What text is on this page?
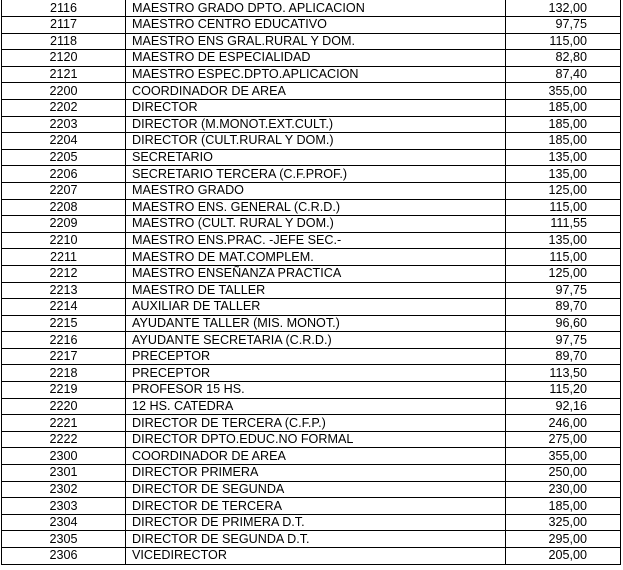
2116	MAESTRO GRADO DPTO. APLICACION	132,00
2117	MAESTRO CENTRO EDUCATIVO	97,75
2118	MAESTRO ENS GRAL.RURAL Y DOM.	115,00
2120	MAESTRO DE ESPECIALIDAD	82,80
2121	MAESTRO ESPEC.DPTO.APLICACION	87,40
2200	COORDINADOR DE AREA	355,00
2202	DIRECTOR	185,00
2203	DIRECTOR (M.MONOT.EXT.CULT.)	185,00
2204	DIRECTOR (CULT.RURAL Y DOM.)	185,00
2205	SECRETARIO	135,00
2206	SECRETARIO TERCERA (C.F.PROF.)	135,00
2207	MAESTRO GRADO	125,00
2208	MAESTRO ENS. GENERAL (C.R.D.)	115,00
2209	MAESTRO (CULT. RURAL Y DOM.)	111,55
2210	MAESTRO ENS.PRAC. -JEFE SEC.-	135,00
2211	MAESTRO DE MAT.COMPLEM.	115,00
2212	MAESTRO ENSEÑANZA PRACTICA	125,00
2213	MAESTRO DE TALLER	97,75
2214	AUXILIAR DE TALLER	89,70
2215	AYUDANTE TALLER (MIS. MONOT.)	96,60
2216	AYUDANTE SECRETARIA (C.R.D.)	97,75
2217	PRECEPTOR	89,70
2218	PRECEPTOR	113,50
2219	PROFESOR 15 HS.	115,20
2220	12 HS. CATEDRA	92,16
2221	DIRECTOR DE TERCERA (C.F.P.)	246,00
2222	DIRECTOR DPTO.EDUC.NO FORMAL	275,00
2300	COORDINADOR DE AREA	355,00
2301	DIRECTOR PRIMERA	250,00
2302	DIRECTOR DE SEGUNDA	230,00
2303	DIRECTOR DE TERCERA	185,00
2304	DIRECTOR DE PRIMERA D.T.	325,00
2305	DIRECTOR DE SEGUNDA D.T.	295,00
2306	VICEDIRECTOR	205,00
